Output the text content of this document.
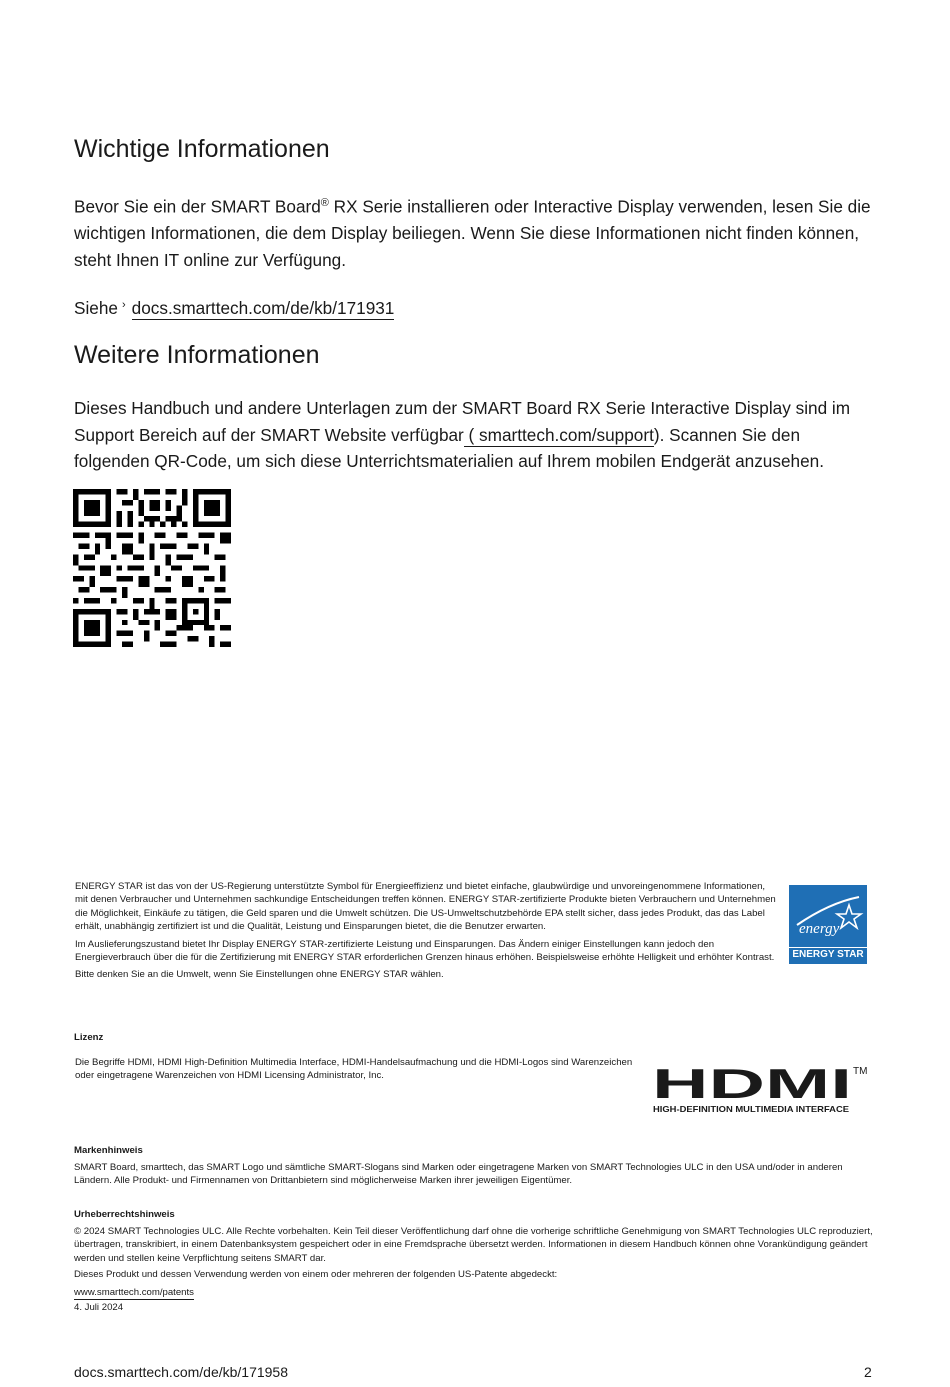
Wichtige Informationen

Bevor Sie ein der SMART Board® RX Serie installieren oder Interactive Display verwenden, lesen Sie die wichtigen Informationen, die dem Display beiliegen. Wenn Sie diese Informationen nicht finden können, steht Ihnen IT online zur Verfügung.

Siehe › docs.smarttech.com/de/kb/171931
Weitere Informationen

Dieses Handbuch und andere Unterlagen zum der SMART Board RX Serie Interactive Display sind im Support Bereich auf der SMART Website verfügbar ( smarttech.com/support). Scannen Sie den folgenden QR-Code, um sich diese Unterrichtsmaterialien auf Ihrem mobilen Endgerät anzusehen.

ENERGY STAR ist das von der US-Regierung unterstützte Symbol für Energieeffizienz und bietet einfache, glaubwürdige und unvoreingenommene Informationen, mit denen Verbraucher und Unternehmen sachkundige Entscheidungen treffen können. ENERGY STAR-zertifizierte Produkte bieten Verbrauchern und Unternehmen die Möglichkeit, Einkäufe zu tätigen, die Geld sparen und die Umwelt schützen. Die US-Umweltschutzbehörde EPA stellt sicher, dass jedes Produkt, das das Label erhält, unabhängig zertifiziert ist und die Qualität, Leistung und Einsparungen bietet, die die Benutzer erwarten.

Im Auslieferungszustand bietet Ihr Display ENERGY STAR-zertifizierte Leistung und Einsparungen. Das Ändern einiger Einstellungen kann jedoch den Energieverbrauch über die für die Zertifizierung mit ENERGY STAR erforderlichen Grenzen hinaus erhöhen. Beispielsweise erhöhte Helligkeit und erhöhter Kontrast.

Bitte denken Sie an die Umwelt, wenn Sie Einstellungen ohne ENERGY STAR wählen.

energy
ENERGY STAR

Lizenz

Die Begriffe HDMI, HDMI High-Definition Multimedia Interface, HDMI-Handelsaufmachung und die HDMI-Logos sind Warenzeichen oder eingetragene Warenzeichen von HDMI Licensing Administrator, Inc.	HDMI TM
HIGH-DEFINITION MULTIMEDIA INTERFACE

Markenhinweis

SMART Board, smarttech, das SMART Logo und sämtliche SMART-Slogans sind Marken oder eingetragene Marken von SMART Technologies ULC in den USA und/oder in anderen Ländern. Alle Produkt- und Firmennamen von Drittanbietern sind möglicherweise Marken ihrer jeweiligen Eigentümer.

Urheberrechtshinweis

© 2024 SMART Technologies ULC. Alle Rechte vorbehalten. Kein Teil dieser Veröffentlichung darf ohne die vorherige schriftliche Genehmigung von SMART Technologies ULC reproduziert, übertragen, transkribiert, in einem Datenbanksystem gespeichert oder in eine Fremdsprache übersetzt werden. Informationen in diesem Handbuch können ohne Vorankündigung geändert werden und stellen keine Verpflichtung seitens SMART dar.

Dieses Produkt und dessen Verwendung werden von einem oder mehreren der folgenden US-Patente abgedeckt:

www.smarttech.com/patents

4. Juli 2024

docs.smarttech.com/de/kb/171958	2
